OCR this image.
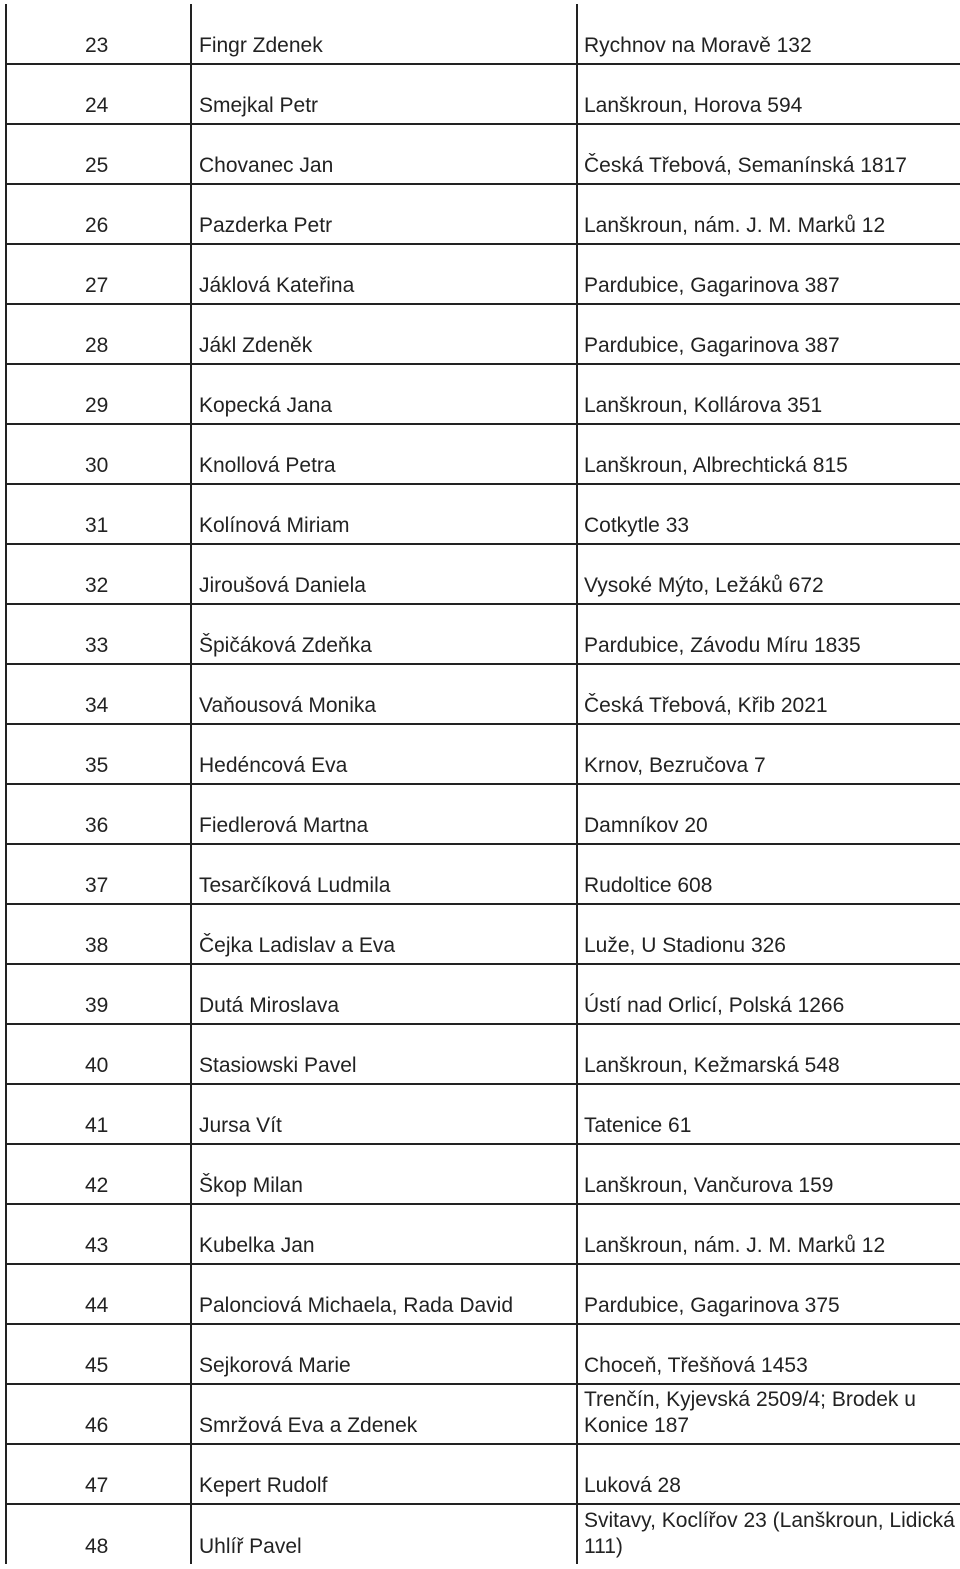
23	Fingr Zdenek	Rychnov na Moravě 132
24	Smejkal Petr	Lanškroun, Horova 594
25	Chovanec Jan	Česká Třebová, Semanínská 1817
26	Pazderka Petr	Lanškroun, nám. J. M. Marků 12
27	Jáklová Kateřina	Pardubice, Gagarinova 387
28	Jákl Zdeněk	Pardubice, Gagarinova 387
29	Kopecká Jana	Lanškroun, Kollárova 351
30	Knollová Petra	Lanškroun, Albrechtická 815
31	Kolínová Miriam	Cotkytle 33
32	Jiroušová Daniela	Vysoké Mýto, Ležáků 672
33	Špičáková Zdeňka	Pardubice, Závodu Míru 1835
34	Vaňousová Monika	Česká Třebová, Křib 2021
35	Hedéncová Eva	Krnov, Bezručova 7
36	Fiedlerová Martna	Damníkov 20
37	Tesarčíková Ludmila	Rudoltice 608
38	Čejka Ladislav a Eva	Luže, U Stadionu 326
39	Dutá Miroslava	Ústí nad Orlicí, Polská 1266
40	Stasiowski Pavel	Lanškroun, Kežmarská 548
41	Jursa Vít	Tatenice 61
42	Škop Milan	Lanškroun, Vančurova 159
43	Kubelka Jan	Lanškroun, nám. J. M. Marků 12
44	Palonciová Michaela, Rada David	Pardubice, Gagarinova 375
45	Sejkorová Marie	Choceň, Třešňová 1453
46	Smržová Eva a Zdenek	Trenčín, Kyjevská 2509/4; Brodek u Konice 187
47	Kepert Rudolf	Luková 28
48	Uhlíř Pavel	Svitavy, Koclířov 23 (Lanškroun, Lidická 111)
